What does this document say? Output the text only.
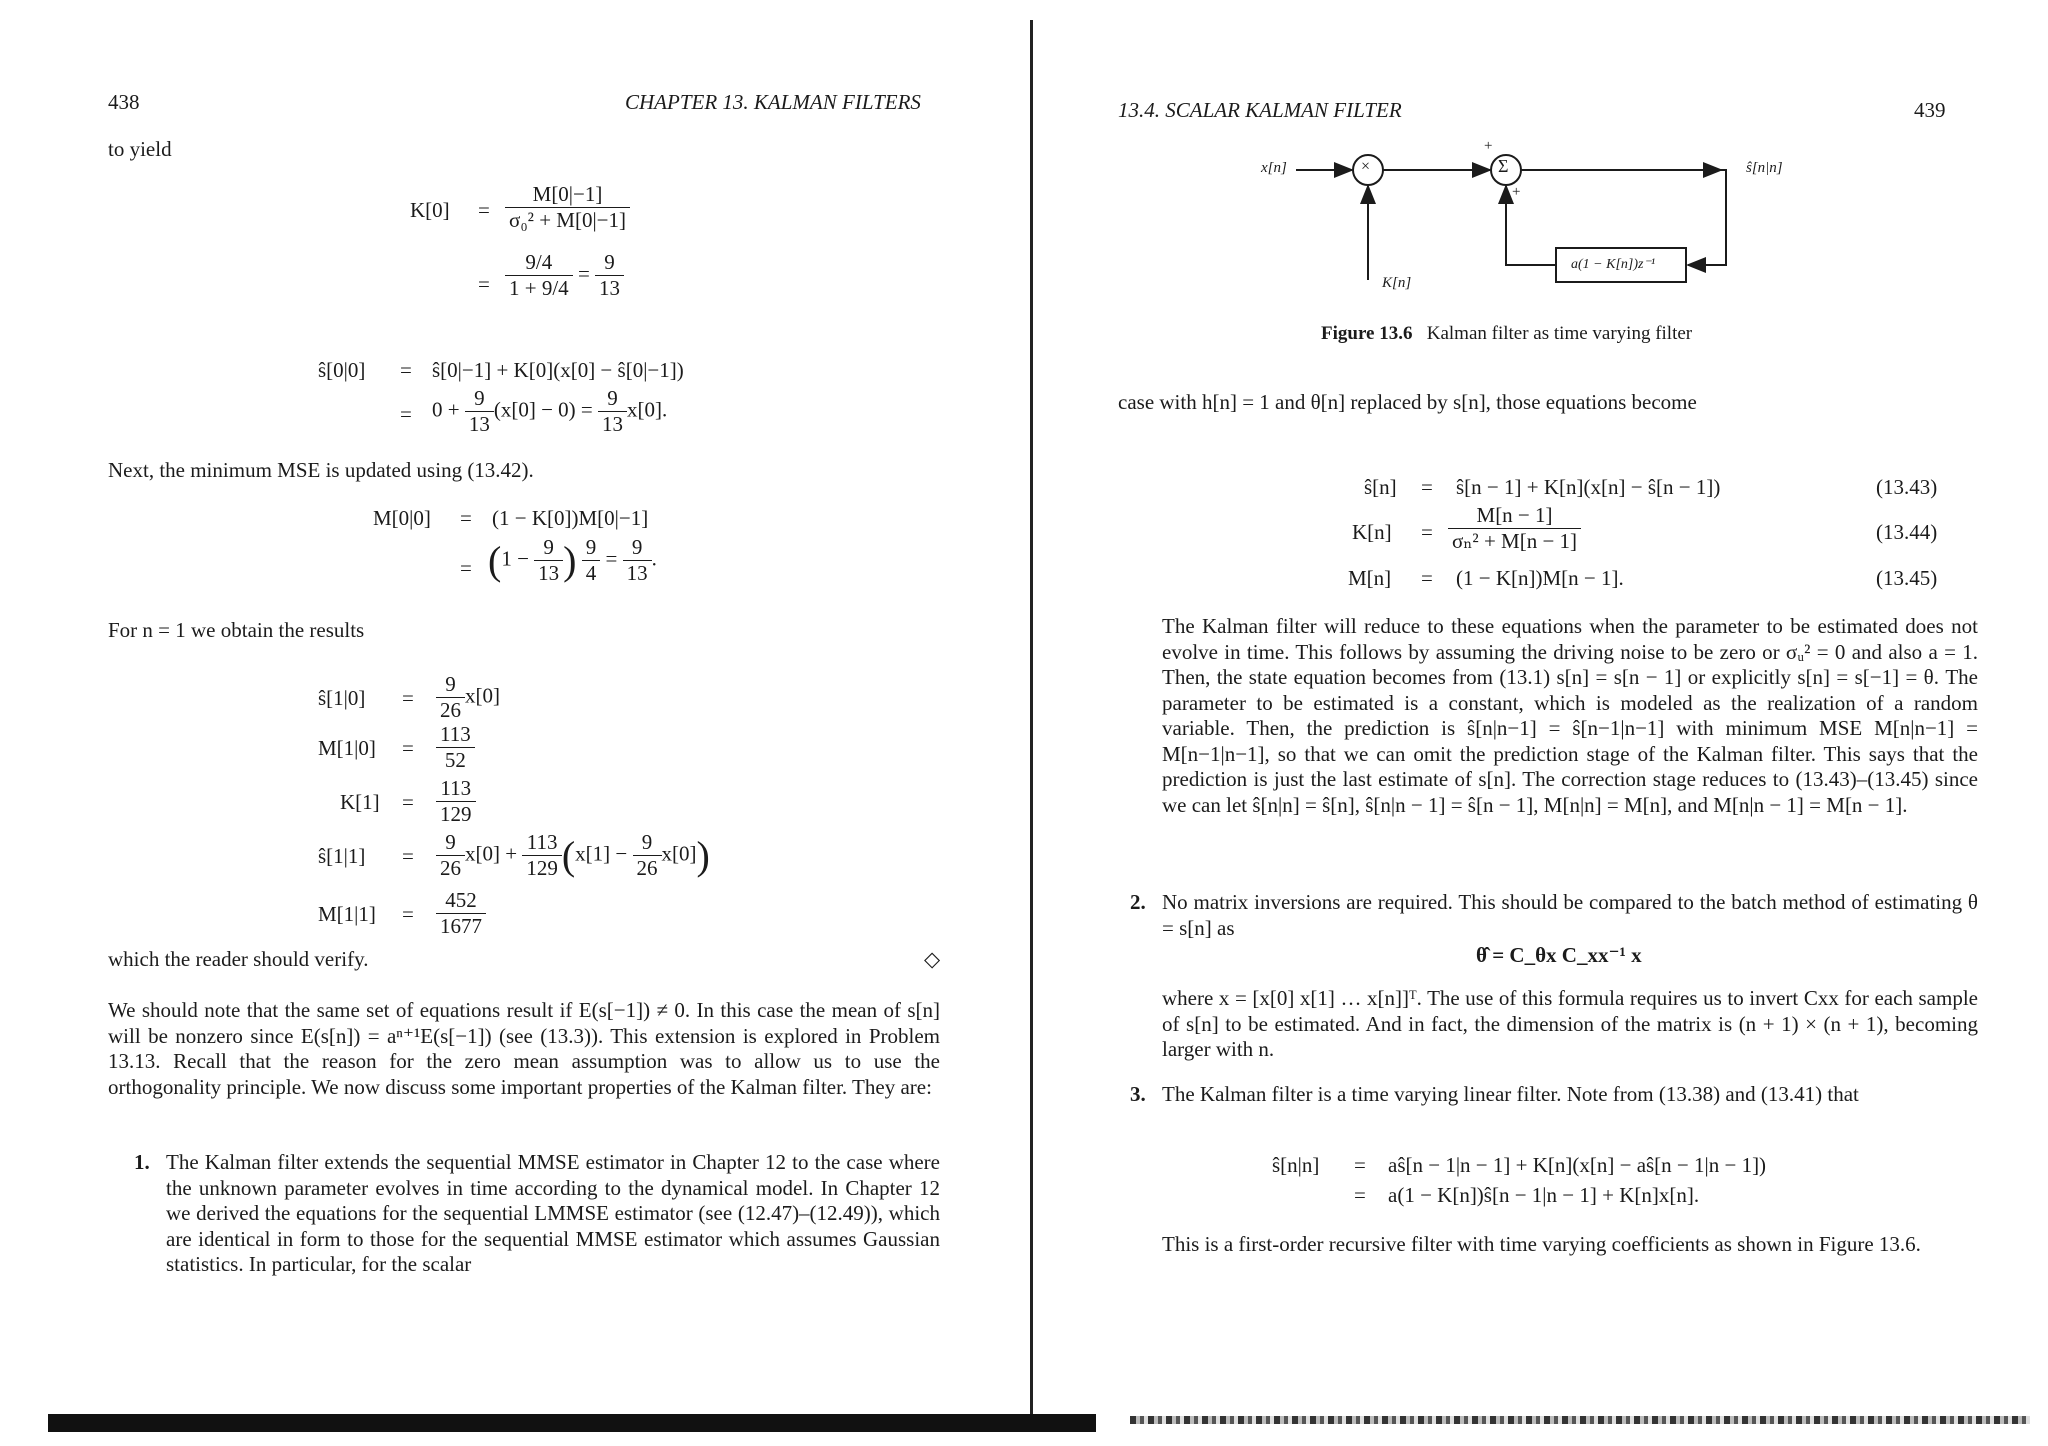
438	CHAPTER 13. KALMAN FILTERS
to yield
$K[0] = \frac{M[0|-1]}{\text{σ₀² + M[0|−1]}}$
= $\frac{9/4}{1 + 9/4} = \frac{9}{13}$
ŝ[0|0] = ŝ[0|−1] + K[0](x[0] − ŝ[0|−1])
= $0 + \frac{9}{13} (x[0] - 0) = \frac{9}{13} x[0]$.
Next, the minimum MSE is updated using (13.42).
M[0|0] = (1 − K[0])M[0|−1]
= ($1 - \frac{9}{13}$ ) $\frac{9}{4} = \frac{9}{13}$ .
For n = 1 we obtain the results
ŝ[1|0] = $\frac{9}{26} x[0]$
$M[1|0] = \frac{113}{52}$
$K[1] = \frac{113}{129}$
ŝ[1|1] = $\frac{9}{26} x[0] + \frac{113}{129} (x[1] - \frac{9}{26} x[0])$
$M[1|1] = \frac{452}{1677}$
which the reader should verify.	◇
We should note that the same set of equations result if E(s[−1]) ≠ 0. In this case the mean of s[n] will be nonzero since E(s[n]) = aⁿ⁺¹E(s[−1]) (see (13.3)). This extension is explored in Problem 13.13. Recall that the reason for the zero mean assumption was to allow us to use the orthogonality principle. We now discuss some important properties of the Kalman filter. They are:
1. The Kalman filter extends the sequential MMSE estimator in Chapter 12 to the case where the unknown parameter evolves in time according to the dynamical model. In Chapter 12 we derived the equations for the sequential LMMSE estimator (see (12.47)–(12.49)), which are identical in form to those for the sequential MMSE estimator which assumes Gaussian statistics. In particular, for the scalar
13.4. SCALAR KALMAN FILTER	439
x[n]	×	Σ
+
+
ŝ[n|n]
K[n]
a(1 − K[n])z⁻¹
Figure 13.6 Kalman filter as time varying filter
case with h[n] = 1 and θ[n] replaced by s[n], those equations become
ŝ[n] = ŝ[n − 1] + K[n](x[n] − ŝ[n − 1])	(13.43)
$K[n] = \frac{M[n - 1]}{\text{σₙ² + M[n − 1]}}$	(13.44)
M[n] = (1 − K[n])M[n − 1].	(13.45)
The Kalman filter will reduce to these equations when the parameter to be estimated does not evolve in time. This follows by assuming the driving noise to be zero or σᵤ² = 0 and also a = 1. Then, the state equation becomes from (13.1) s[n] = s[n − 1] or explicitly s[n] = s[−1] = θ. The parameter to be estimated is a constant, which is modeled as the realization of a random variable. Then, the prediction is ŝ[n|n−1] = ŝ[n−1|n−1] with minimum MSE M[n|n−1] = M[n−1|n−1], so that we can omit the prediction stage of the Kalman filter. This says that the prediction is just the last estimate of s[n]. The correction stage reduces to (13.43)–(13.45) since we can let ŝ[n|n] = ŝ[n], ŝ[n|n − 1] = ŝ[n − 1], M[n|n] = M[n], and M[n|n − 1] = M[n − 1].
2. No matrix inversions are required. This should be compared to the batch method of estimating θ = s[n] as
θ̂ = C_θx C_xx⁻¹ x
where x = [x[0] x[1] … x[n]]ᵀ. The use of this formula requires us to invert Cxx for each sample of s[n] to be estimated. And in fact, the dimension of the matrix is (n + 1) × (n + 1), becoming larger with n.
3. The Kalman filter is a time varying linear filter. Note from (13.38) and (13.41) that
ŝ[n|n] = aŝ[n − 1|n − 1] + K[n](x[n] − aŝ[n − 1|n − 1])
= a(1 − K[n])ŝ[n − 1|n − 1] + K[n]x[n].
This is a first-order recursive filter with time varying coefficients as shown in Figure 13.6.
